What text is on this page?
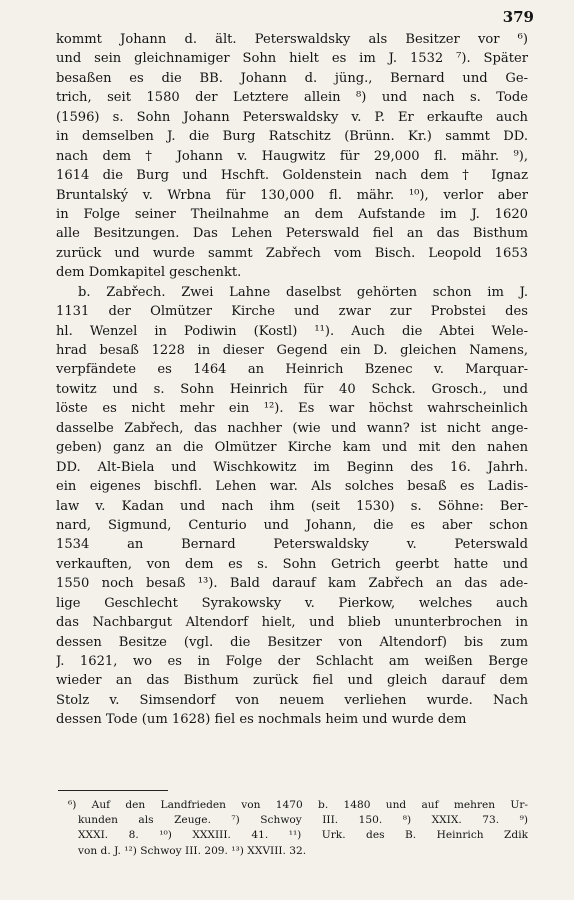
379
kommt Johann d. ält. Peterswaldsky als Besitzer vor ⁶)
und sein gleichnamiger Sohn hielt es im J. 1532 ⁷). Später
besaßen es die BB. Johann d. jüng., Bernard und Ge-
trich, seit 1580 der Letztere allein ⁸) und nach s. Tode
(1596) s. Sohn Johann Peterswaldsky v. P. Er erkaufte auch
in demselben J. die Burg Ratschitz (Brünn. Kr.) sammt DD.
nach dem † Johann v. Haugwitz für 29,000 fl. mähr. ⁹),
1614 die Burg und Hschft. Goldenstein nach dem † Ignaz
Bruntalský v. Wrbna für 130,000 fl. mähr. ¹⁰), verlor aber
in Folge seiner Theilnahme an dem Aufstande im J. 1620
alle Besitzungen. Das Lehen Peterswald fiel an das Bisthum
zurück und wurde sammt Zabřech vom Bisch. Leopold 1653
dem Domkapitel geschenkt.
b. Zabřech. Zwei Lahne daselbst gehörten schon im J.
1131 der Olmützer Kirche und zwar zur Probstei des
hl. Wenzel in Podiwin (Kostl) ¹¹). Auch die Abtei Wele-
hrad besaß 1228 in dieser Gegend ein D. gleichen Namens,
verpfändete es 1464 an Heinrich Bzenec v. Marquar-
towitz und s. Sohn Heinrich für 40 Schck. Grosch., und
löste es nicht mehr ein ¹²). Es war höchst wahrscheinlich
dasselbe Zabřech, das nachher (wie und wann? ist nicht ange-
geben) ganz an die Olmützer Kirche kam und mit den nahen
DD. Alt-Biela und Wischkowitz im Beginn des 16. Jahrh.
ein eigenes bischfl. Lehen war. Als solches besaß es Ladis-
law v. Kadan und nach ihm (seit 1530) s. Söhne: Ber-
nard, Sigmund, Centurio und Johann, die es aber schon
1534 an Bernard Peterswaldsky v. Peterswald
verkauften, von dem es s. Sohn Getrich geerbt hatte und
1550 noch besaß ¹³). Bald darauf kam Zabřech an das ade-
lige Geschlecht Syrakowsky v. Pierkow, welches auch
das Nachbargut Altendorf hielt, und blieb ununterbrochen in
dessen Besitze (vgl. die Besitzer von Altendorf) bis zum
J. 1621, wo es in Folge der Schlacht am weißen Berge
wieder an das Bisthum zurück fiel und gleich darauf dem
Stolz v. Simsendorf von neuem verliehen wurde. Nach
dessen Tode (um 1628) fiel es nochmals heim und wurde dem
⁶) Auf den Landfrieden von 1470 b. 1480 und auf mehren Ur-
kunden als Zeuge. ⁷) Schwoy III. 150. ⁸) XXIX. 73. ⁹)
XXXI. 8. ¹⁰) XXXIII. 41. ¹¹) Urk. des B. Heinrich Zdik
von d. J. ¹²) Schwoy III. 209. ¹³) XXVIII. 32.
